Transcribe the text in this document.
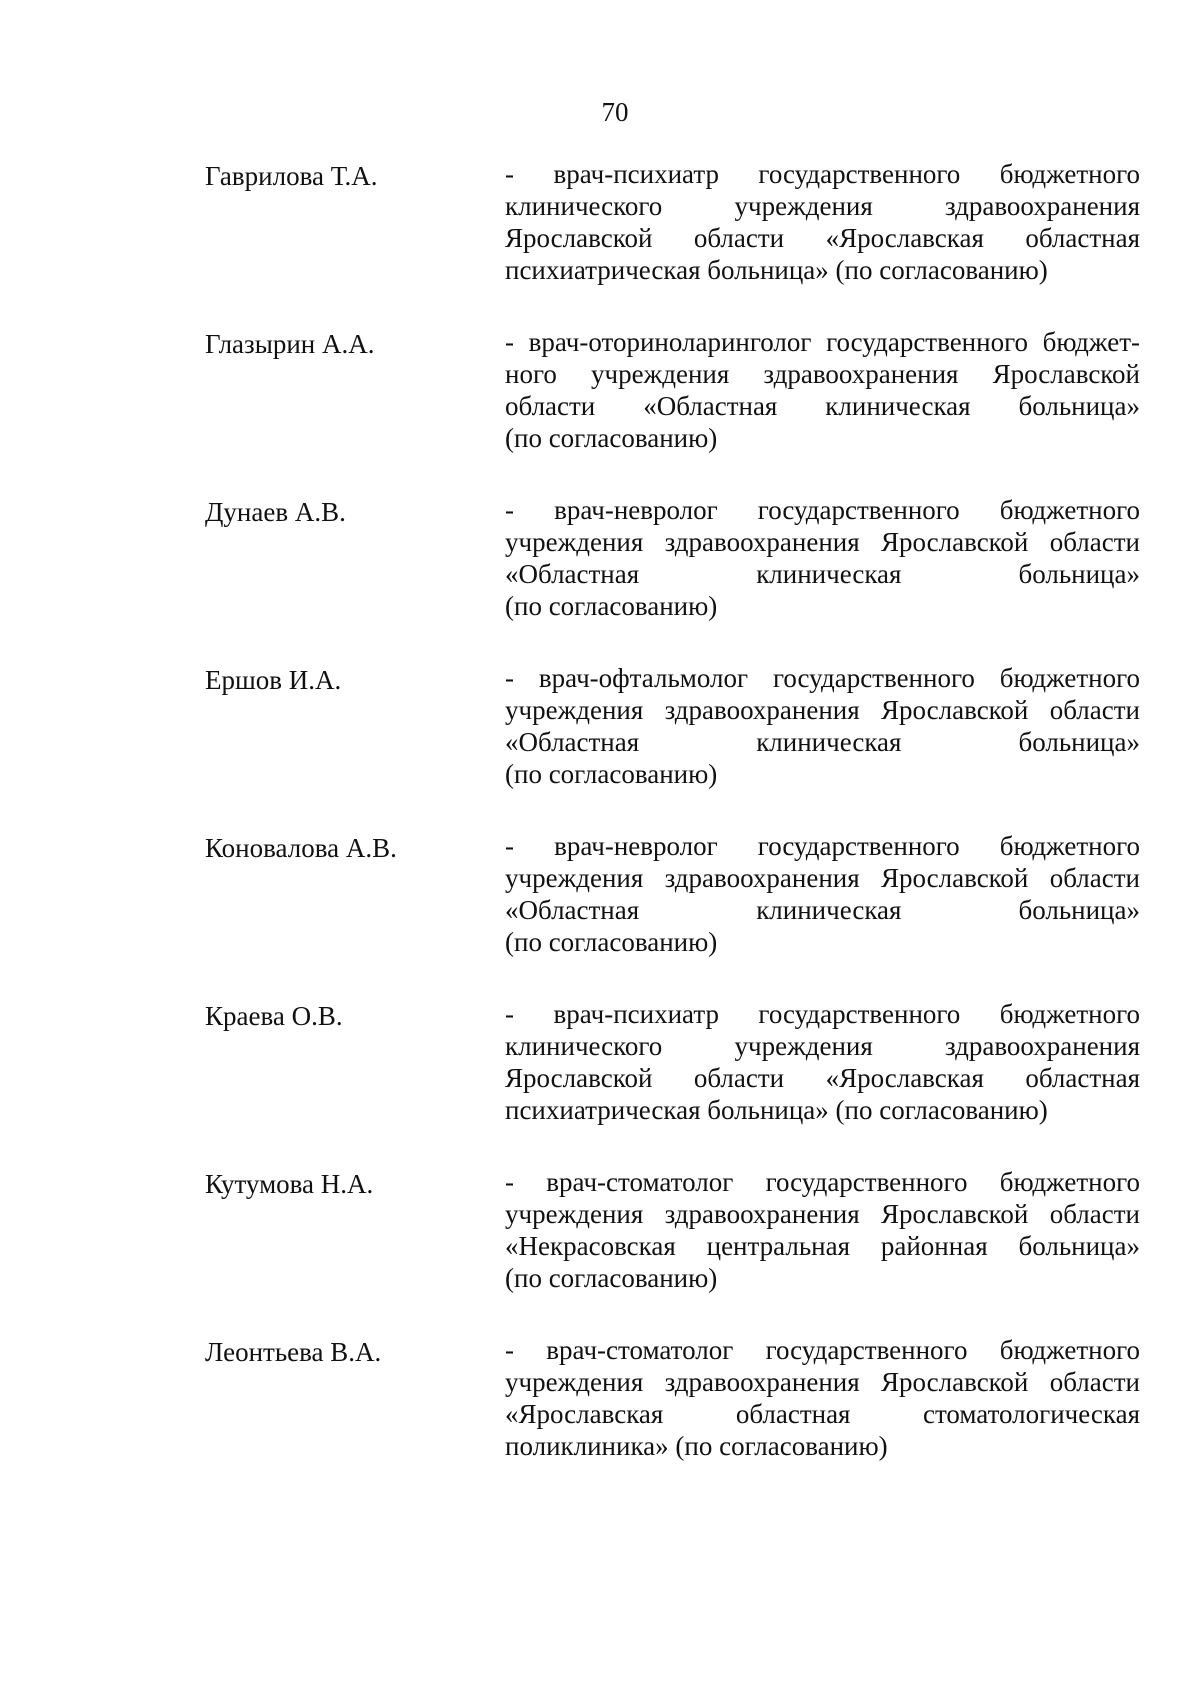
70
Гаврилова Т.А.	- врач-психиатр государственного бюджетного
клинического учреждения здравоохранения
Ярославской области «Ярославская областная
психиатрическая больница» (по согласованию)
Глазырин А.А.	- врач-оториноларинголог государственного бюджет-
ного учреждения здравоохранения Ярославской
области «Областная клиническая больница»
(по согласованию)
Дунаев А.В.	- врач-невролог государственного бюджетного
учреждения здравоохранения Ярославской области
«Областная клиническая больница»
(по согласованию)
Ершов И.А.	- врач-офтальмолог государственного бюджетного
учреждения здравоохранения Ярославской области
«Областная клиническая больница»
(по согласованию)
Коновалова А.В.	- врач-невролог государственного бюджетного
учреждения здравоохранения Ярославской области
«Областная клиническая больница»
(по согласованию)
Краева О.В.	- врач-психиатр государственного бюджетного
клинического учреждения здравоохранения
Ярославской области «Ярославская областная
психиатрическая больница» (по согласованию)
Кутумова Н.А.	- врач-стоматолог государственного бюджетного
учреждения здравоохранения Ярославской области
«Некрасовская центральная районная больница»
(по согласованию)
Леонтьева В.А.	- врач-стоматолог государственного бюджетного
учреждения здравоохранения Ярославской области
«Ярославская областная стоматологическая
поликлиника» (по согласованию)
